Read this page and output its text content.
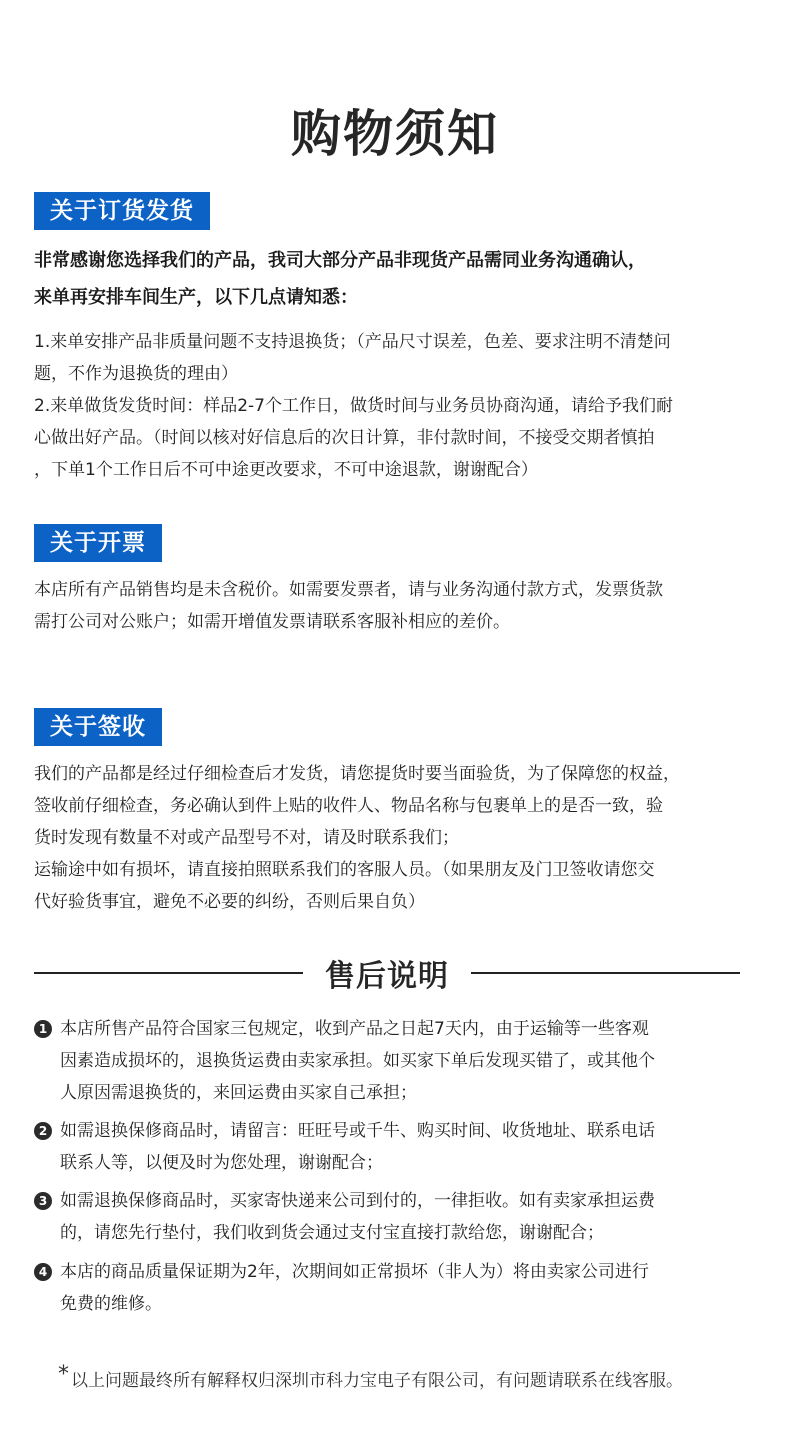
购物须知
关于订货发货

非常感谢您选择我们的产品，我司大部分产品非现货产品需同业务沟通确认，

来单再安排车间生产，以下几点请知悉：

1.来单安排产品非质量问题不支持退换货；（产品尺寸误差，色差、要求注明不清楚问

题，不作为退换货的理由）

2.来单做货发货时间：样品2-7个工作日，做货时间与业务员协商沟通，请给予我们耐

心做出好产品。（时间以核对好信息后的次日计算，非付款时间，不接受交期者慎拍

，下单1个工作日后不可中途更改要求，不可中途退款，谢谢配合）

关于开票

本店所有产品销售均是未含税价。如需要发票者，请与业务沟通付款方式，发票货款

需打公司对公账户；如需开增值发票请联系客服补相应的差价。

关于签收

我们的产品都是经过仔细检查后才发货，请您提货时要当面验货，为了保障您的权益，

签收前仔细检查，务必确认到件上贴的收件人、物品名称与包裹单上的是否一致，验

货时发现有数量不对或产品型号不对，请及时联系我们；

运输途中如有损坏，请直接拍照联系我们的客服人员。（如果朋友及门卫签收请您交

代好验货事宜，避免不必要的纠纷，否则后果自负）

售后说明
1 本店所售产品符合国家三包规定，收到产品之日起7天内，由于运输等一些客观

因素造成损坏的，退换货运费由卖家承担。如买家下单后发现买错了，或其他个

人原因需退换货的，来回运费由买家自己承担；

2 如需退换保修商品时，请留言：旺旺号或千牛、购买时间、收货地址、联系电话

联系人等，以便及时为您处理，谢谢配合；

3 如需退换保修商品时，买家寄快递来公司到付的，一律拒收。如有卖家承担运费

的，请您先行垫付，我们收到货会通过支付宝直接打款给您，谢谢配合；

4 本店的商品质量保证期为2年，次期间如正常损坏（非人为）将由卖家公司进行

免费的维修。

* 以上问题最终所有解释权归深圳市科力宝电子有限公司，有问题请联系在线客服。
